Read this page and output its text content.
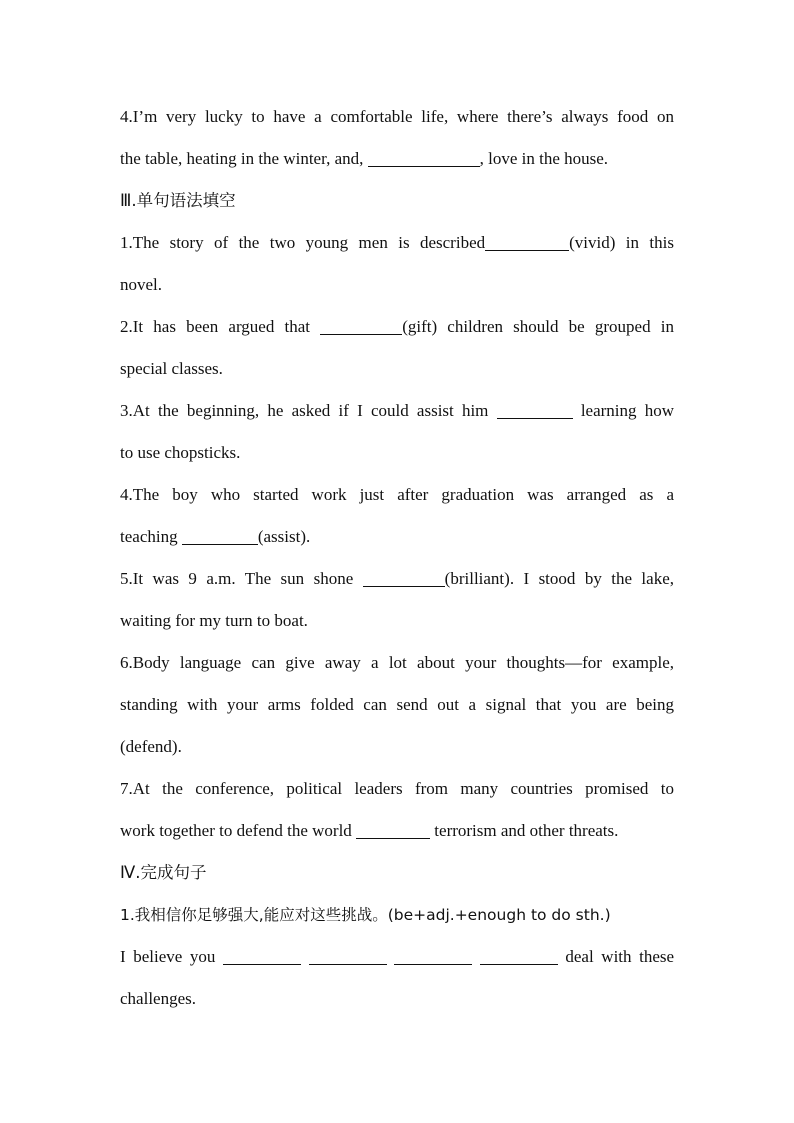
4.I’m very lucky to have a comfortable life, where there’s always food on
the table, heating in the winter, and,	, love in the house.
Ⅲ.单句语法填空
1.The story of the two young men is described	(vivid) in this
novel.
2.It has been argued that	(gift) children should be grouped in
special classes.
3.At the beginning, he asked if I could assist him	learning how
to use chopsticks.
4.The boy who started work just after graduation was arranged as a
teaching	(assist).
5.It was 9 a.m. The sun shone	(brilliant). I stood by the lake,
waiting for my turn to boat.
6.Body language can give away a lot about your thoughts—for example,
standing with your arms folded can send out a signal that you are being
(defend).
7.At the conference, political leaders from many countries promised to
work together to defend the world	terrorism and other threats.
Ⅳ.完成句子
1.我相信你足够强大,能应对这些挑战。(be+adj.+enough to do sth.)
I believe you	deal with these
challenges.
